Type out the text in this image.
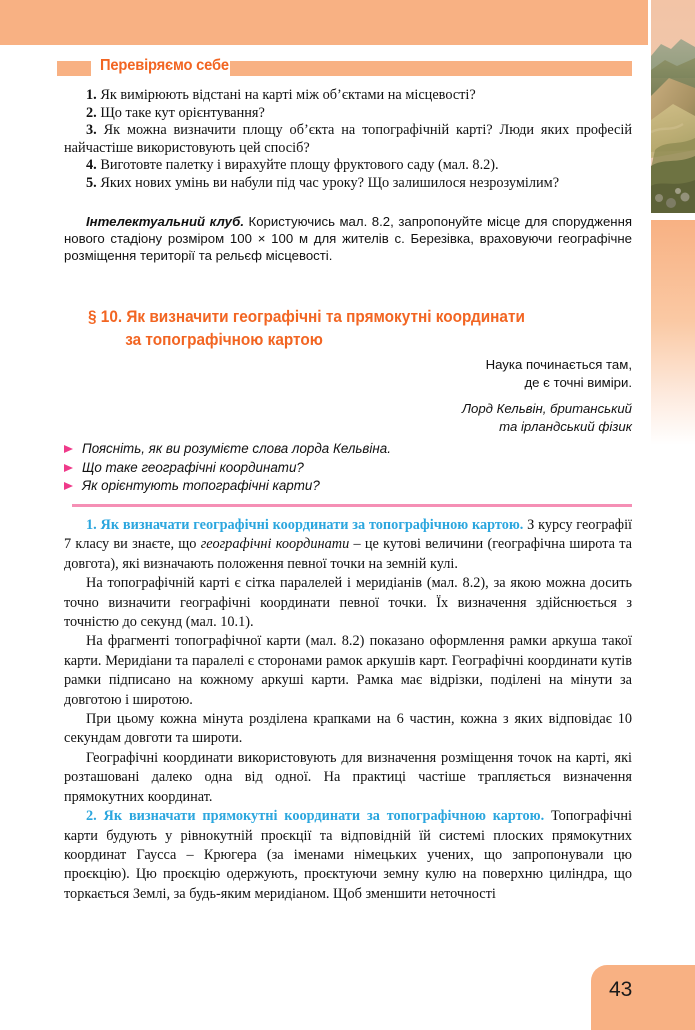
43
Перевіряємо себе

1. Як вимірюють відстані на карті між об’єктами на місцевості?

2. Що таке кут орієнтування?

3. Як можна визначити площу об’єкта на топографічній карті? Люди яких професій найчастіше використовують цей спосіб?

4. Виготовте палетку і вирахуйте площу фруктового саду (мал. 8.2).

5. Яких нових умінь ви набули під час уроку? Що залишилося незрозумілим?

Інтелектуальний клуб. Користуючись мал. 8.2, запропонуйте місце для спорудження нового стадіону розміром 100 × 100 м для жителів с. Березівка, враховуючи географічне розміщення території та рельєф місцевості.

§ 10. Як визначити географічні та прямокутні координати
за топографічною картою

Наука починається там,

де є точні виміри.

Лорд Кельвін, британський

та ірландський фізик

Поясніть, як ви розумієте слова лорда Кельвіна.
Що таке географічні координати?
Як орієнтують топографічні карти?

1. Як визначати географічні координати за топографічною картою. З курсу географії 7 класу ви знаєте, що географічні координати – це кутові величини (географічна широта та довгота), які визначають положення певної точки на земній кулі.

На топографічній карті є сітка паралелей і меридіанів (мал. 8.2), за якою можна досить точно визначити географічні координати певної точки. Їх визначення здійснюється з точністю до секунд (мал. 10.1).

На фрагменті топографічної карти (мал. 8.2) показано оформлення рамки аркуша такої карти. Меридіани та паралелі є сторонами рамок аркушів карт. Географічні координати кутів рамки підписано на кожному аркуші карти. Рамка має відрізки, поділені на мінути за довготою і широтою.

При цьому кожна мінута розділена крапками на 6 частин, кожна з яких відповідає 10 секундам довготи та широти.

Географічні координати використовують для визначення розміщення точок на карті, які розташовані далеко одна від одної. На практиці частіше трапляється визначення прямокутних координат.

2. Як визначати прямокутні координати за топографічною картою. Топографічні карти будують у рівнокутній проєкції та відповідній їй системі плоских прямокутних координат Гаусса – Крюгера (за іменами німецьких учених, що запропонували цю проєкцію). Цю проєкцію одержують, проєктуючи земну кулю на поверхню циліндра, що торкається Землі, за будь-яким меридіаном. Щоб зменшити неточності
